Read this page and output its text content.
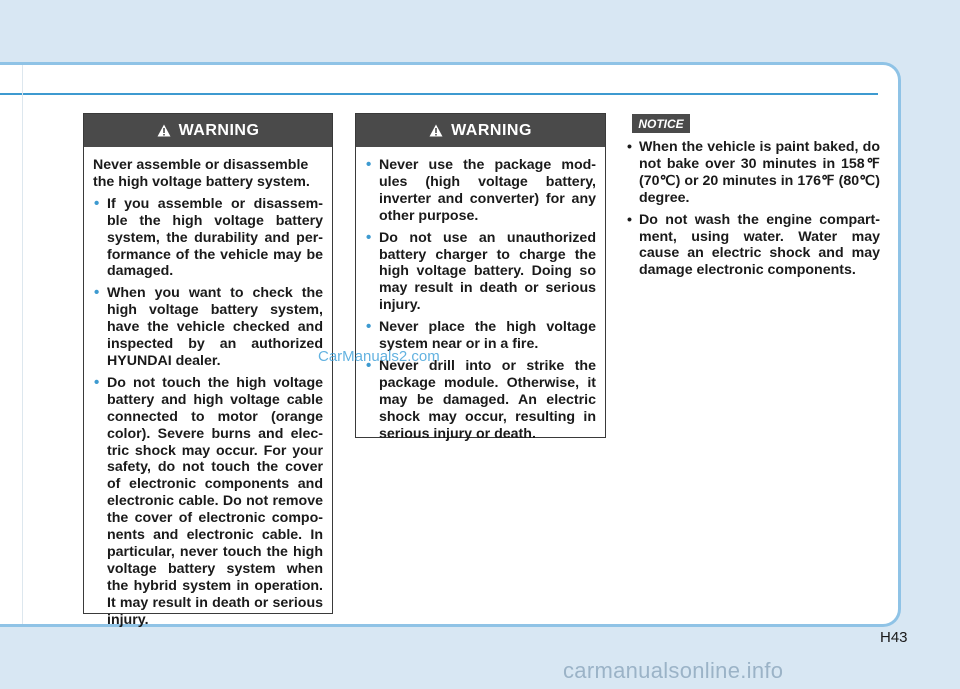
WARNING

Never assemble or disassemble the high voltage battery system.

• If you assemble or disassem-ble the high voltage battery system, the durability and per-formance of the vehicle may be damaged.
• When you want to check the high voltage battery system, have the vehicle checked and inspected by an authorized HYUNDAI dealer.
• Do not touch the high voltage battery and high voltage cable connected to motor (orange color). Severe burns and elec-tric shock may occur. For your safety, do not touch the cover of electronic components and electronic cable. Do not remove the cover of electronic compo-nents and electronic cable. In particular, never touch the high voltage battery system when the hybrid system in operation. It may result in death or serious injury.
WARNING
• Never use the package mod-ules (high voltage battery, inverter and converter) for any other purpose.
• Do not use an unauthorized battery charger to charge the high voltage battery. Doing so may result in death or serious injury.
• Never place the high voltage system near or in a fire.
• Never drill into or strike the package module. Otherwise, it may be damaged. An electric shock may occur, resulting in serious injury or death.
NOTICE
• When the vehicle is paint baked, do not bake over 30 minutes in 158℉ (70℃) or 20 minutes in 176℉ (80℃) degree.
• Do not wash the engine compart-ment, using water. Water may cause an electric shock and may damage electronic components.
CarManuals2.com
H43
carmanualsonline.info
